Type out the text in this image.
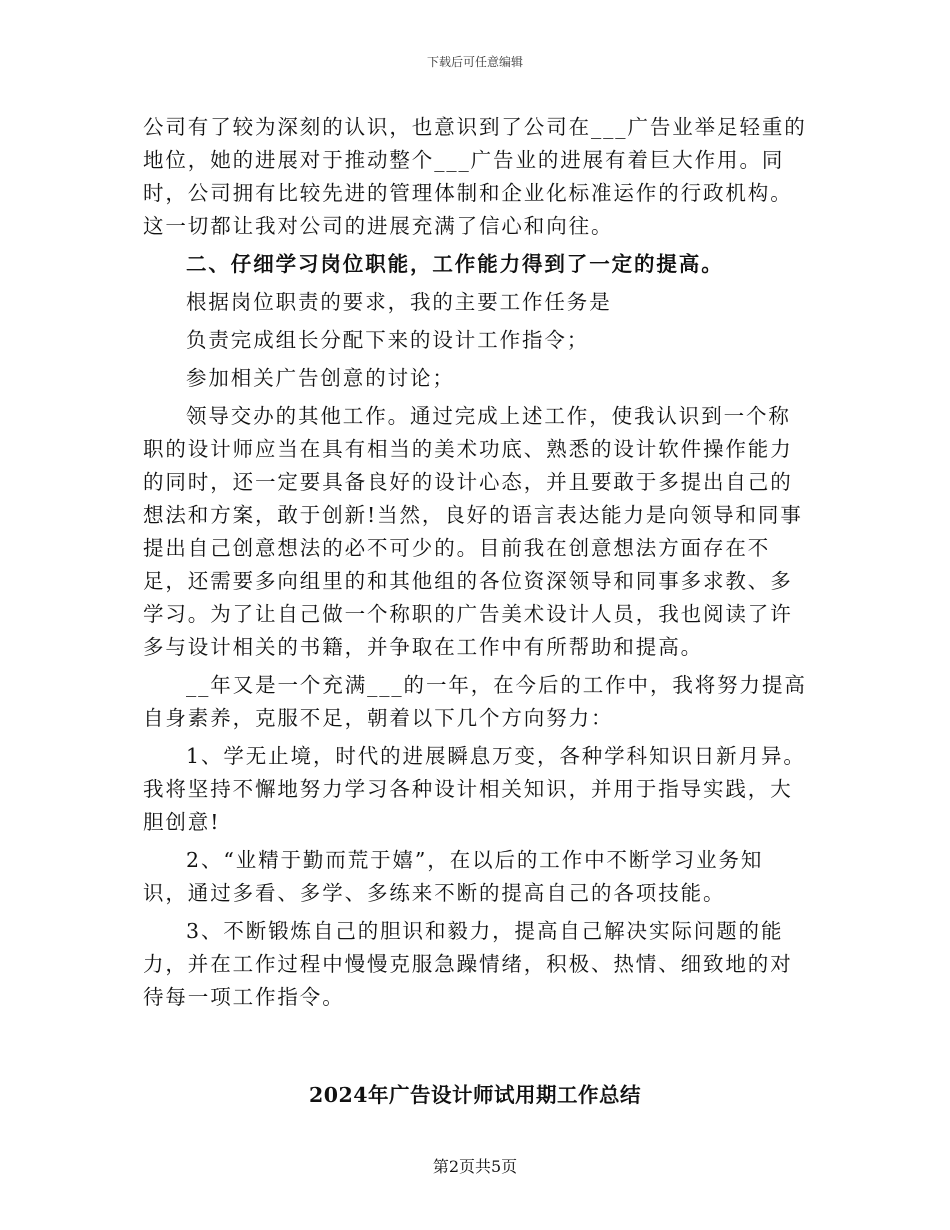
下载后可任意编辑

公司有了较为深刻的认识，也意识到了公司在___广告业举足轻重的地位，她的进展对于推动整个___广告业的进展有着巨大作用。同时，公司拥有比较先进的管理体制和企业化标准运作的行政机构。这一切都让我对公司的进展充满了信心和向往。

二、仔细学习岗位职能，工作能力得到了一定的提高。

根据岗位职责的要求，我的主要工作任务是

负责完成组长分配下来的设计工作指令；

参加相关广告创意的讨论；

领导交办的其他工作。通过完成上述工作，使我认识到一个称职的设计师应当在具有相当的美术功底、熟悉的设计软件操作能力的同时，还一定要具备良好的设计心态，并且要敢于多提出自己的想法和方案，敢于创新!当然，良好的语言表达能力是向领导和同事提出自己创意想法的必不可少的。目前我在创意想法方面存在不足，还需要多向组里的和其他组的各位资深领导和同事多求教、多学习。为了让自己做一个称职的广告美术设计人员，我也阅读了许多与设计相关的书籍，并争取在工作中有所帮助和提高。

__年又是一个充满___的一年，在今后的工作中，我将努力提高自身素养，克服不足，朝着以下几个方向努力：

1、学无止境，时代的进展瞬息万变，各种学科知识日新月异。我将坚持不懈地努力学习各种设计相关知识，并用于指导实践，大胆创意!

2、“业精于勤而荒于嬉”，在以后的工作中不断学习业务知识，通过多看、多学、多练来不断的提高自己的各项技能。

3、不断锻炼自己的胆识和毅力，提高自己解决实际问题的能力，并在工作过程中慢慢克服急躁情绪，积极、热情、细致地的对待每一项工作指令。

2024年广告设计师试用期工作总结
第2页共5页
